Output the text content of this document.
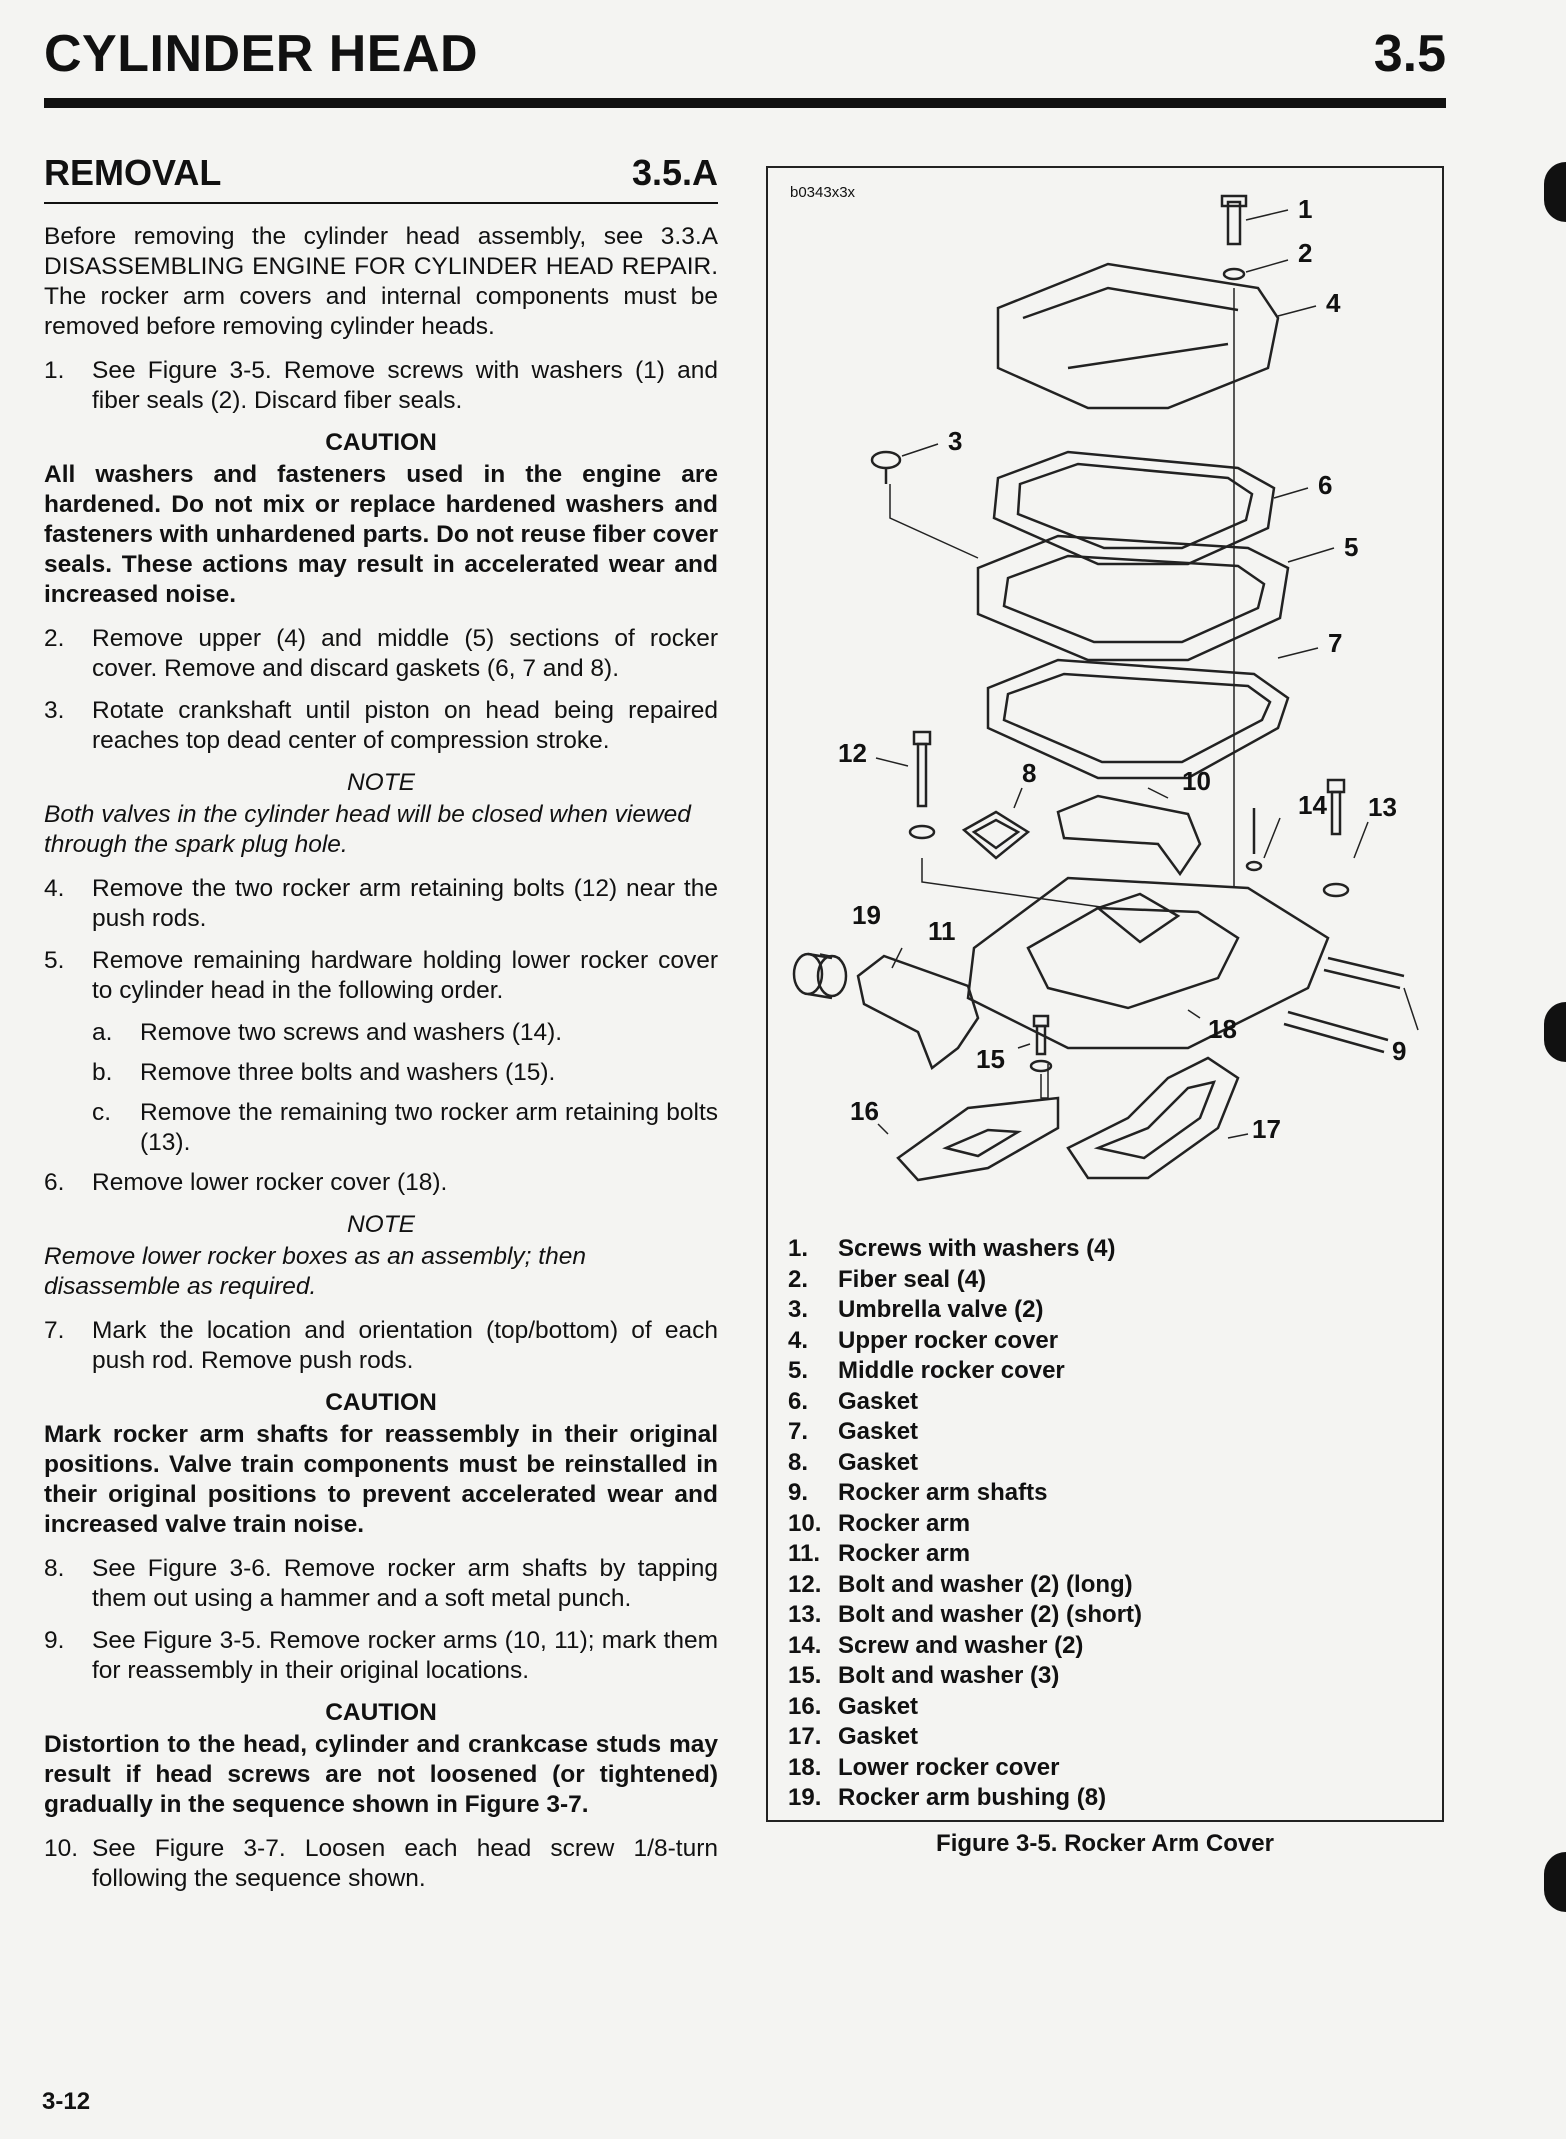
CYLINDER HEAD	3.5
REMOVAL	3.5.A

Before removing the cylinder head assembly, see 3.3.A DISASSEMBLING ENGINE FOR CYLINDER HEAD REPAIR. The rocker arm covers and internal components must be removed before removing cylinder heads.

1.	See Figure 3-5. Remove screws with washers (1) and fiber seals (2). Discard fiber seals.
CAUTION
All washers and fasteners used in the engine are hardened. Do not mix or replace hardened washers and fasteners with unhardened parts. Do not reuse fiber cover seals. These actions may result in accelerated wear and increased noise.
2.	Remove upper (4) and middle (5) sections of rocker cover. Remove and discard gaskets (6, 7 and 8).
3.	Rotate crankshaft until piston on head being repaired reaches top dead center of compression stroke.
NOTE
Both valves in the cylinder head will be closed when viewed through the spark plug hole.
4.	Remove the two rocker arm retaining bolts (12) near the push rods.
5.	Remove remaining hardware holding lower rocker cover to cylinder head in the following order.
a.	Remove two screws and washers (14).
b.	Remove three bolts and washers (15).
c.	Remove the remaining two rocker arm retaining bolts (13).
6.	Remove lower rocker cover (18).
NOTE
Remove lower rocker boxes as an assembly; then disassemble as required.
7.	Mark the location and orientation (top/bottom) of each push rod. Remove push rods.
CAUTION
Mark rocker arm shafts for reassembly in their original positions. Valve train components must be reinstalled in their original positions to prevent accelerated wear and increased valve train noise.
8.	See Figure 3-6. Remove rocker arm shafts by tapping them out using a hammer and a soft metal punch.
9.	See Figure 3-5. Remove rocker arms (10, 11); mark them for reassembly in their original locations.
CAUTION
Distortion to the head, cylinder and crankcase studs may result if head screws are not loosened (or tightened) gradually in the sequence shown in Figure 3-7.
10. See Figure 3-7. Loosen each head screw 1/8-turn following the sequence shown.
b0343x3x
1
2
3
4
5
6
7
8
9
10
11
12
13
14
15
16
17
18
19
1.	Screws with washers (4)
2.	Fiber seal (4)
3.	Umbrella valve (2)
4.	Upper rocker cover
5.	Middle rocker cover
6.	Gasket
7.	Gasket
8.	Gasket
9.	Rocker arm shafts
10. Rocker arm
11. Rocker arm
12. Bolt and washer (2) (long)
13. Bolt and washer (2) (short)
14. Screw and washer (2)
15. Bolt and washer (3)
16. Gasket
17. Gasket
18. Lower rocker cover
19. Rocker arm bushing (8)
Figure 3-5. Rocker Arm Cover
3-12
